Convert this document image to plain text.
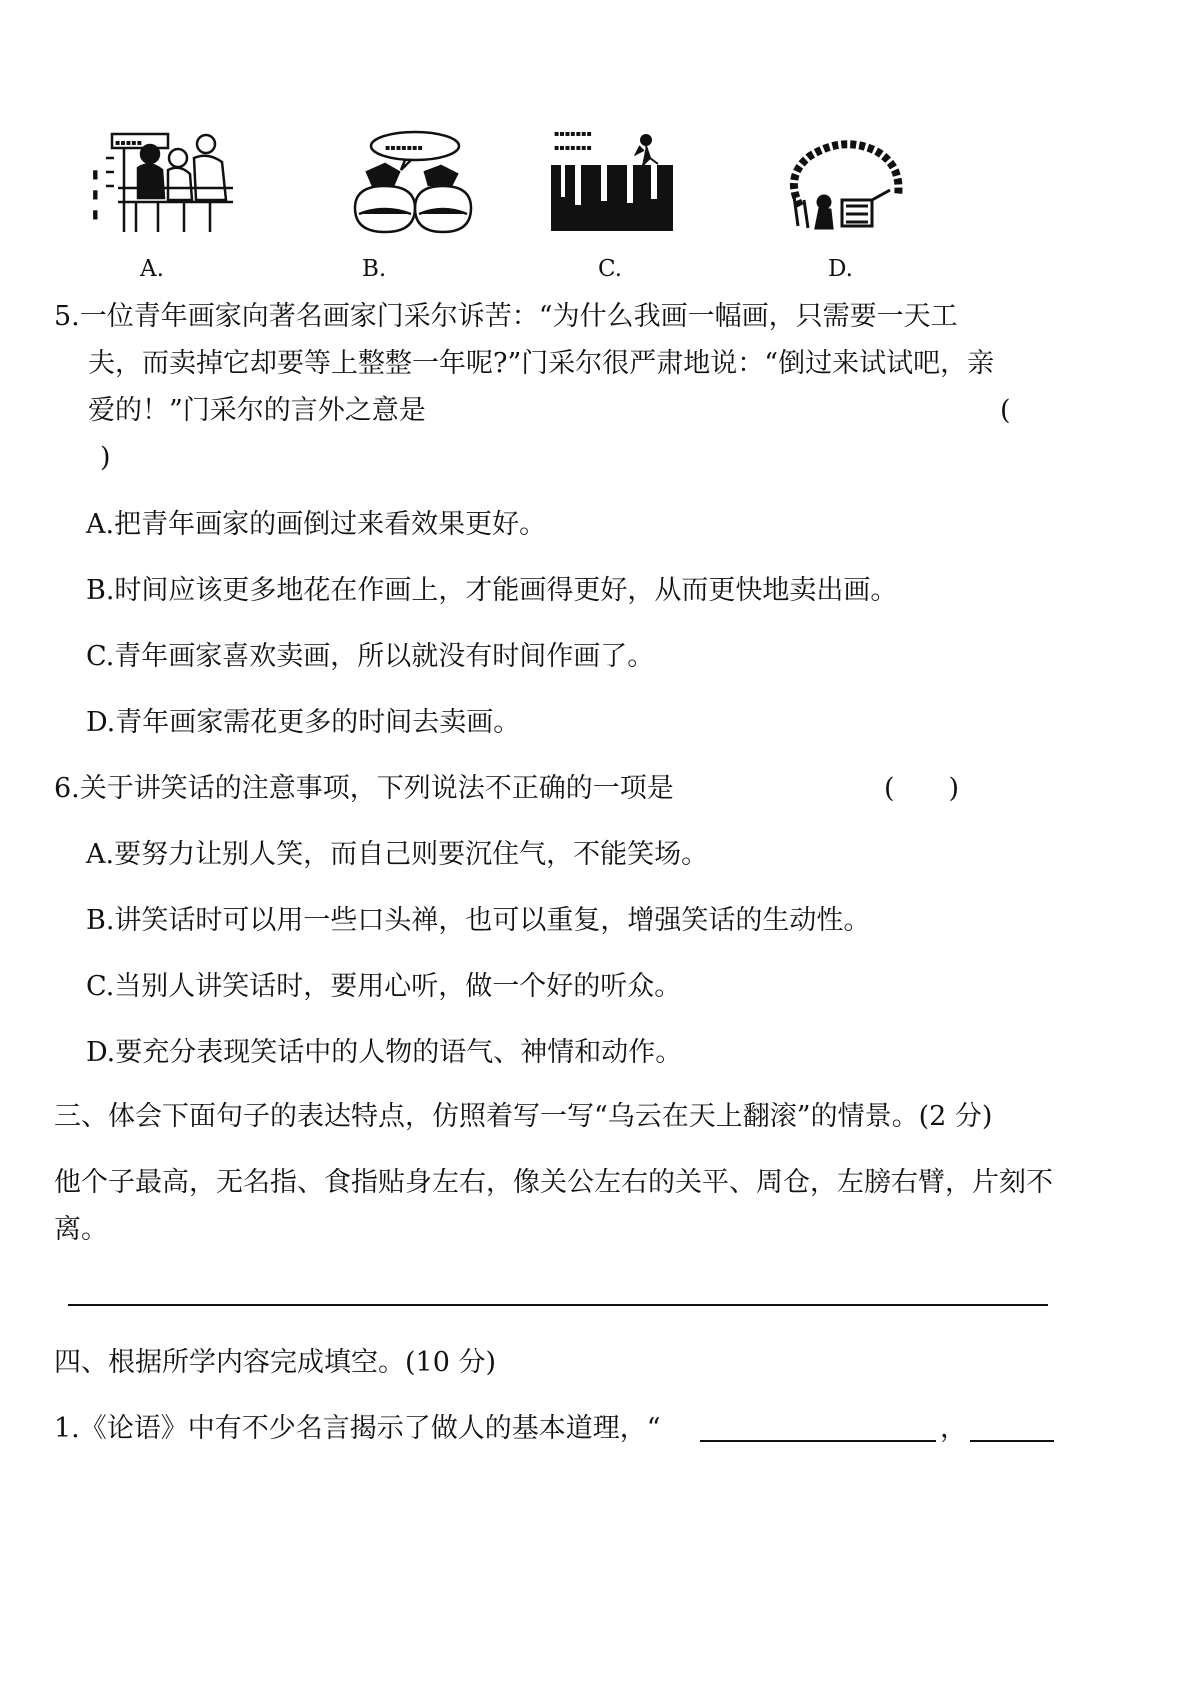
▪▪▪▪▪
▮
▮
▮
▪▪▪▪▪▪▪
▪▪▪▪▪▪▪
▪▪▪▪▪▪▪
A.	B.	C.	D.
5.一位青年画家向著名画家门采尔诉苦：“为什么我画一幅画，只需要一天工
夫，而卖掉它却要等上整整一年呢?”门采尔很严肃地说：“倒过来试试吧，亲
爱的！”门采尔的言外之意是	(
)
A.把青年画家的画倒过来看效果更好。
B.时间应该更多地花在作画上，才能画得更好，从而更快地卖出画。
C.青年画家喜欢卖画，所以就没有时间作画了。
D.青年画家需花更多的时间去卖画。
6.关于讲笑话的注意事项，下列说法不正确的一项是	(　　)
A.要努力让别人笑，而自己则要沉住气，不能笑场。
B.讲笑话时可以用一些口头禅，也可以重复，增强笑话的生动性。
C.当别人讲笑话时，要用心听，做一个好的听众。
D.要充分表现笑话中的人物的语气、神情和动作。
三、体会下面句子的表达特点，仿照着写一写“乌云在天上翻滚”的情景。(2 分)
他个子最高，无名指、食指贴身左右，像关公左右的关平、周仓，左膀右臂，片刻不
离。
四、根据所学内容完成填空。(10 分)
1.《论语》中有不少名言揭示了做人的基本道理，“	，
